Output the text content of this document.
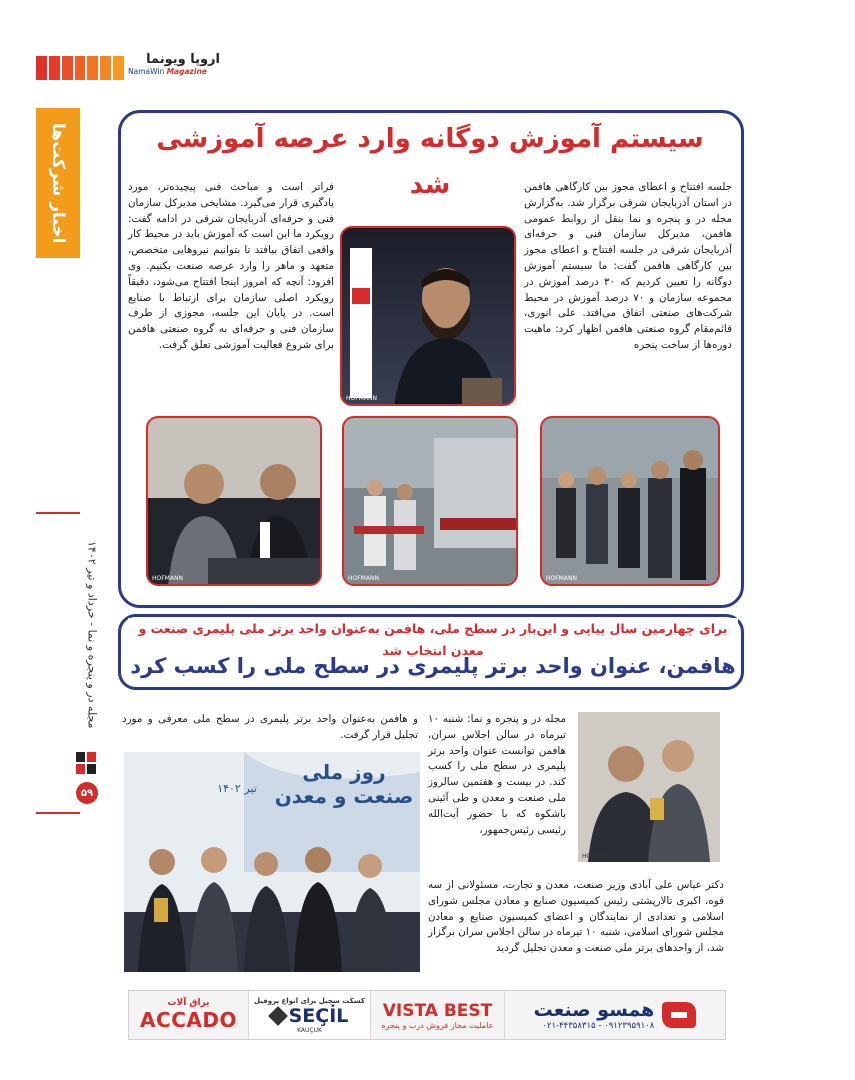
اروپا ویونما
NamaWin Magazine
اخبار شرکت‌ها
مجله در و پنجره و نما - خرداد و تیر ۱۴۰۲
۵۹
سیستم آموزش دوگانه وارد عرصه آموزشی شد	جلسه افتتاح و اعطای مجوز بین کارگاهی هافمن در استان آذربایجان شرقی برگزار شد. به‌گزارش مجله در و پنجره و نما بنقل از روابط عمومی هافمن، مدیرکل سازمان فنی و حرفه‌ای آذربایجان شرقی در جلسه افتتاح و اعطای مجوز بین کارگاهی هافمن گفت: ما سیستم آموزش دوگانه را تعیین کردیم که ۳۰ درصد آموزش در مجموعه سازمان و ۷۰ درصد آموزش در محیط شرکت‌های صنعتی اتفاق می‌افتد. علی انوری، قائم‌مقام گروه صنعتی هافمن اظهار کرد: ماهیت دوره‌ها از ساخت پنجره
فراتر است و مباحث فنی پیچیده‌تر، مورد یادگیری قرار می‌گیرد. مشایخی مدیرکل سازمان فنی و حرفه‌ای آذربایجان شرقی در ادامه گفت: رویکرد ما این است که آموزش باید در محیط کار واقعی اتفاق بیافتد تا بتوانیم نیروهایی متخصص، متعهد و ماهر را وارد عرصه صنعت بکنیم. وی افزود: آنچه که امروز اینجا افتتاح می‌شود، دقیقاً رویکرد اصلی سازمان برای ارتباط با صنایع است. در پایان این جلسه، مجوزی از طرف سازمان فنی و حرفه‌ای به گروه صنعتی هافمن برای شروع فعالیت آموزشی تعلق گرفت.
HOFMANN
HOFMANN
HOFMANN
HOFMANN
برای چهارمین سال پیاپی و این‌بار در سطح ملی، هافمن به‌عنوان واحد برتر ملی پلیمری صنعت و معدن انتخاب شد
هافمن، عنوان واحد برتر پلیمری در سطح ملی را کسب کرد
HOFMANN
مجله در و پنجره و نما: شنبه ۱۰ تیرماه در سالن اجلاس سران، هافمن توانست عنوان واحد برتر پلیمری در سطح ملی را کسب کند. در بیست و هفتمین سالروز ملی صنعت و معدن و طی آئینی باشکوه که با حضور آیت‌الله رئیسی رئیس‌جمهور،
و هافمن به‌عنوان واحد برتر پلیمری در سطح ملی معرفی و مورد تجلیل قرار گرفت.
روز ملی صنعت و معدن
تیر ۱۴۰۲
دکتر عباس علی آبادی وزیر صنعت، معدن و تجارت، مسئولانی از سه قوه، اکبری تالارپشتی رئیس کمیسیون صنایع و معادن مجلس شورای اسلامی و تعدادی از نمایندگان و اعضای کمیسیون صنایع و معادن مجلس شورای اسلامی، شنبه ۱۰ تیرماه در سالن اجلاس سران برگزار شد، از واحدهای برتر ملی صنعت و معدن تجلیل گردید
یراق آلات
ACCADO
کسکت سچیل برای انواع پروفیل
SEÇİL
KAUÇUK
VISTA BEST
عاملیت مجاز فروش درب و پنجره
همسو صنعت
۰۹۱۲۳۹۵۹۱۰۸ - ۰۲۱-۴۴۳۵۸۳۱۵
